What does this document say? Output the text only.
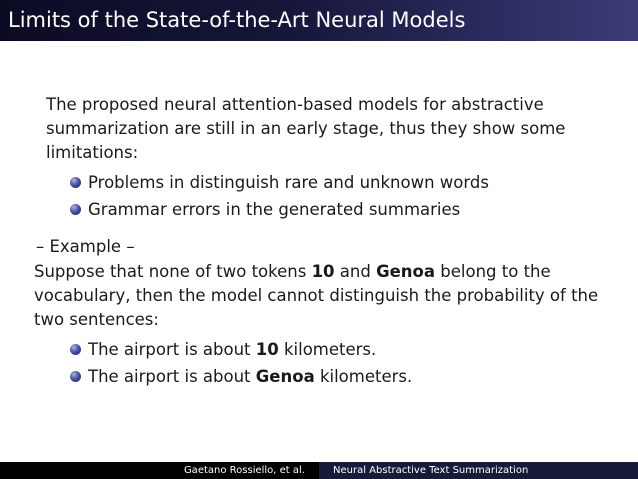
Limits of the State-of-the-Art Neural Models

The proposed neural attention-based models for abstractive
summarization are still in an early stage, thus they show some
limitations:

Problems in distinguish rare and unknown words
Grammar errors in the generated summaries

– Example –

Suppose that none of two tokens 10 and Genoa belong to the
vocabulary, then the model cannot distinguish the probability of the
two sentences:

The airport is about 10 kilometers.
The airport is about Genoa kilometers.
Gaetano Rossiello, et al.	Neural Abstractive Text Summarization
